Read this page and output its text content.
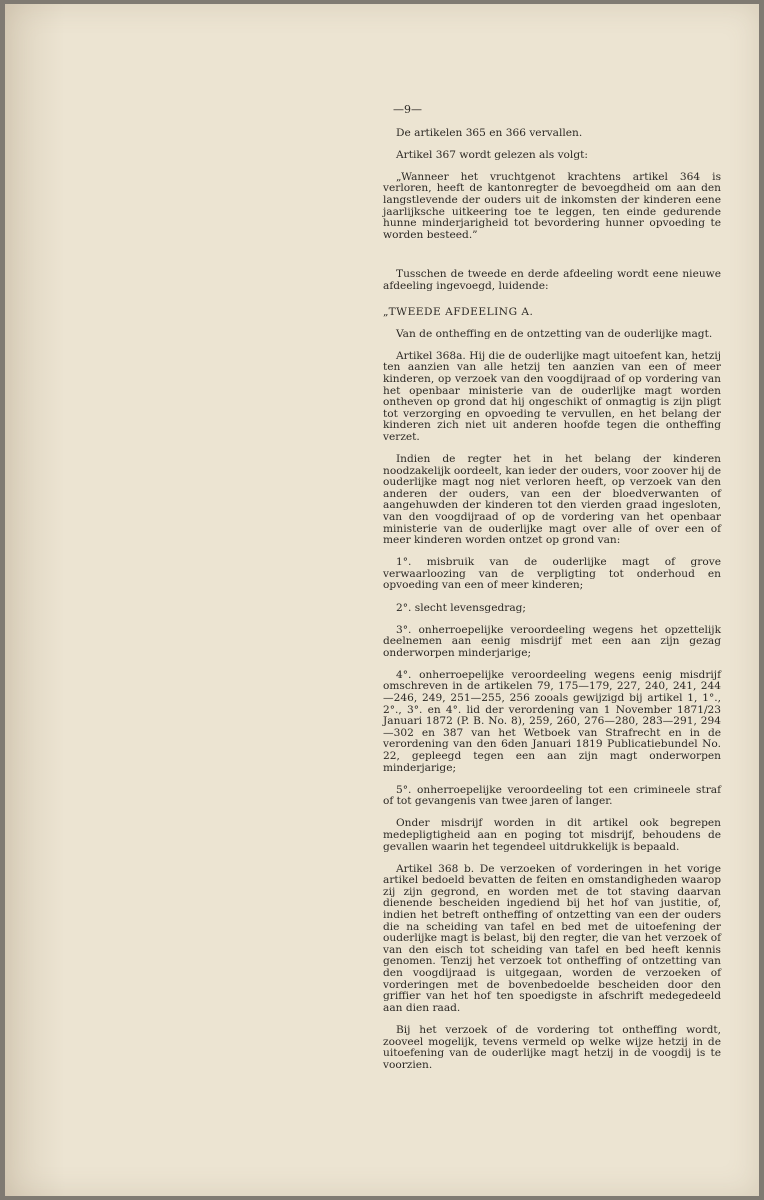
—9—

De artikelen 365 en 366 vervallen.

Artikel 367 wordt gelezen als volgt:

„Wanneer het vruchtgenot krachtens artikel 364 is verloren, heeft de kantonregter de bevoegdheid om aan den langstlevende der ouders uit de inkomsten der kinderen eene jaarlijksche uitkeering toe te leggen, ten einde gedurende hunne minderjarigheid tot bevordering hunner opvoeding te worden besteed.”

Tusschen de tweede en derde afdeeling wordt eene nieuwe afdeeling ingevoegd, luidende:

„TWEEDE AFDEELING A.

Van de ontheffing en de ontzetting van de ouderlijke magt.

Artikel 368a. Hij die de ouderlijke magt uitoefent kan, hetzij ten aanzien van alle hetzij ten aanzien van een of meer kinderen, op verzoek van den voogdijraad of op vordering van het openbaar ministerie van de ouderlijke magt worden ontheven op grond dat hij ongeschikt of onmagtig is zijn pligt tot verzorging en opvoeding te vervullen, en het belang der kinderen zich niet uit anderen hoofde tegen die ontheffing verzet.

Indien de regter het in het belang der kinderen noodzakelijk oordeelt, kan ieder der ouders, voor zoover hij de ouderlijke magt nog niet verloren heeft, op verzoek van den anderen der ouders, van een der bloedverwanten of aangehuwden der kinderen tot den vierden graad ingesloten, van den voogdijraad of op de vordering van het openbaar ministerie van de ouderlijke magt over alle of over een of meer kinderen worden ontzet op grond van:

1°. misbruik van de ouderlijke magt of grove verwaarloozing van de verpligting tot onderhoud en opvoeding van een of meer kinderen;

2°. slecht levensgedrag;

3°. onherroepelijke veroordeeling wegens het opzettelijk deelnemen aan eenig misdrijf met een aan zijn gezag onderworpen minderjarige;

4°. onherroepelijke veroordeeling wegens eenig misdrijf omschreven in de artikelen 79, 175—179, 227, 240, 241, 244—246, 249, 251—255, 256 zooals gewijzigd bij artikel 1, 1°., 2°., 3°. en 4°. lid der verordening van 1 November 1871/23 Januari 1872 (P. B. No. 8), 259, 260, 276—280, 283—291, 294—302 en 387 van het Wetboek van Strafrecht en in de verordening van den 6den Januari 1819 Publicatiebundel No. 22, gepleegd tegen een aan zijn magt onderworpen minderjarige;

5°. onherroepelijke veroordeeling tot een crimineele straf of tot gevangenis van twee jaren of langer.

Onder misdrijf worden in dit artikel ook begrepen medepligtigheid aan en poging tot misdrijf, behoudens de gevallen waarin het tegendeel uitdrukkelijk is bepaald.

Artikel 368 b. De verzoeken of vorderingen in het vorige artikel bedoeld bevatten de feiten en omstandigheden waarop zij zijn gegrond, en worden met de tot staving daarvan dienende bescheiden ingediend bij het hof van justitie, of, indien het betreft ontheffing of ontzetting van een der ouders die na scheiding van tafel en bed met de uitoefening der ouderlijke magt is belast, bij den regter, die van het verzoek of van den eisch tot scheiding van tafel en bed heeft kennis genomen. Tenzij het verzoek tot ontheffing of ontzetting van den voogdijraad is uitgegaan, worden de verzoeken of vorderingen met de bovenbedoelde bescheiden door den griffier van het hof ten spoedigste in afschrift medegedeeld aan dien raad.

Bij het verzoek of de vordering tot ontheffing wordt, zooveel mogelijk, tevens vermeld op welke wijze hetzij in de uitoefening van de ouderlijke magt hetzij in de voogdij is te voorzien.
